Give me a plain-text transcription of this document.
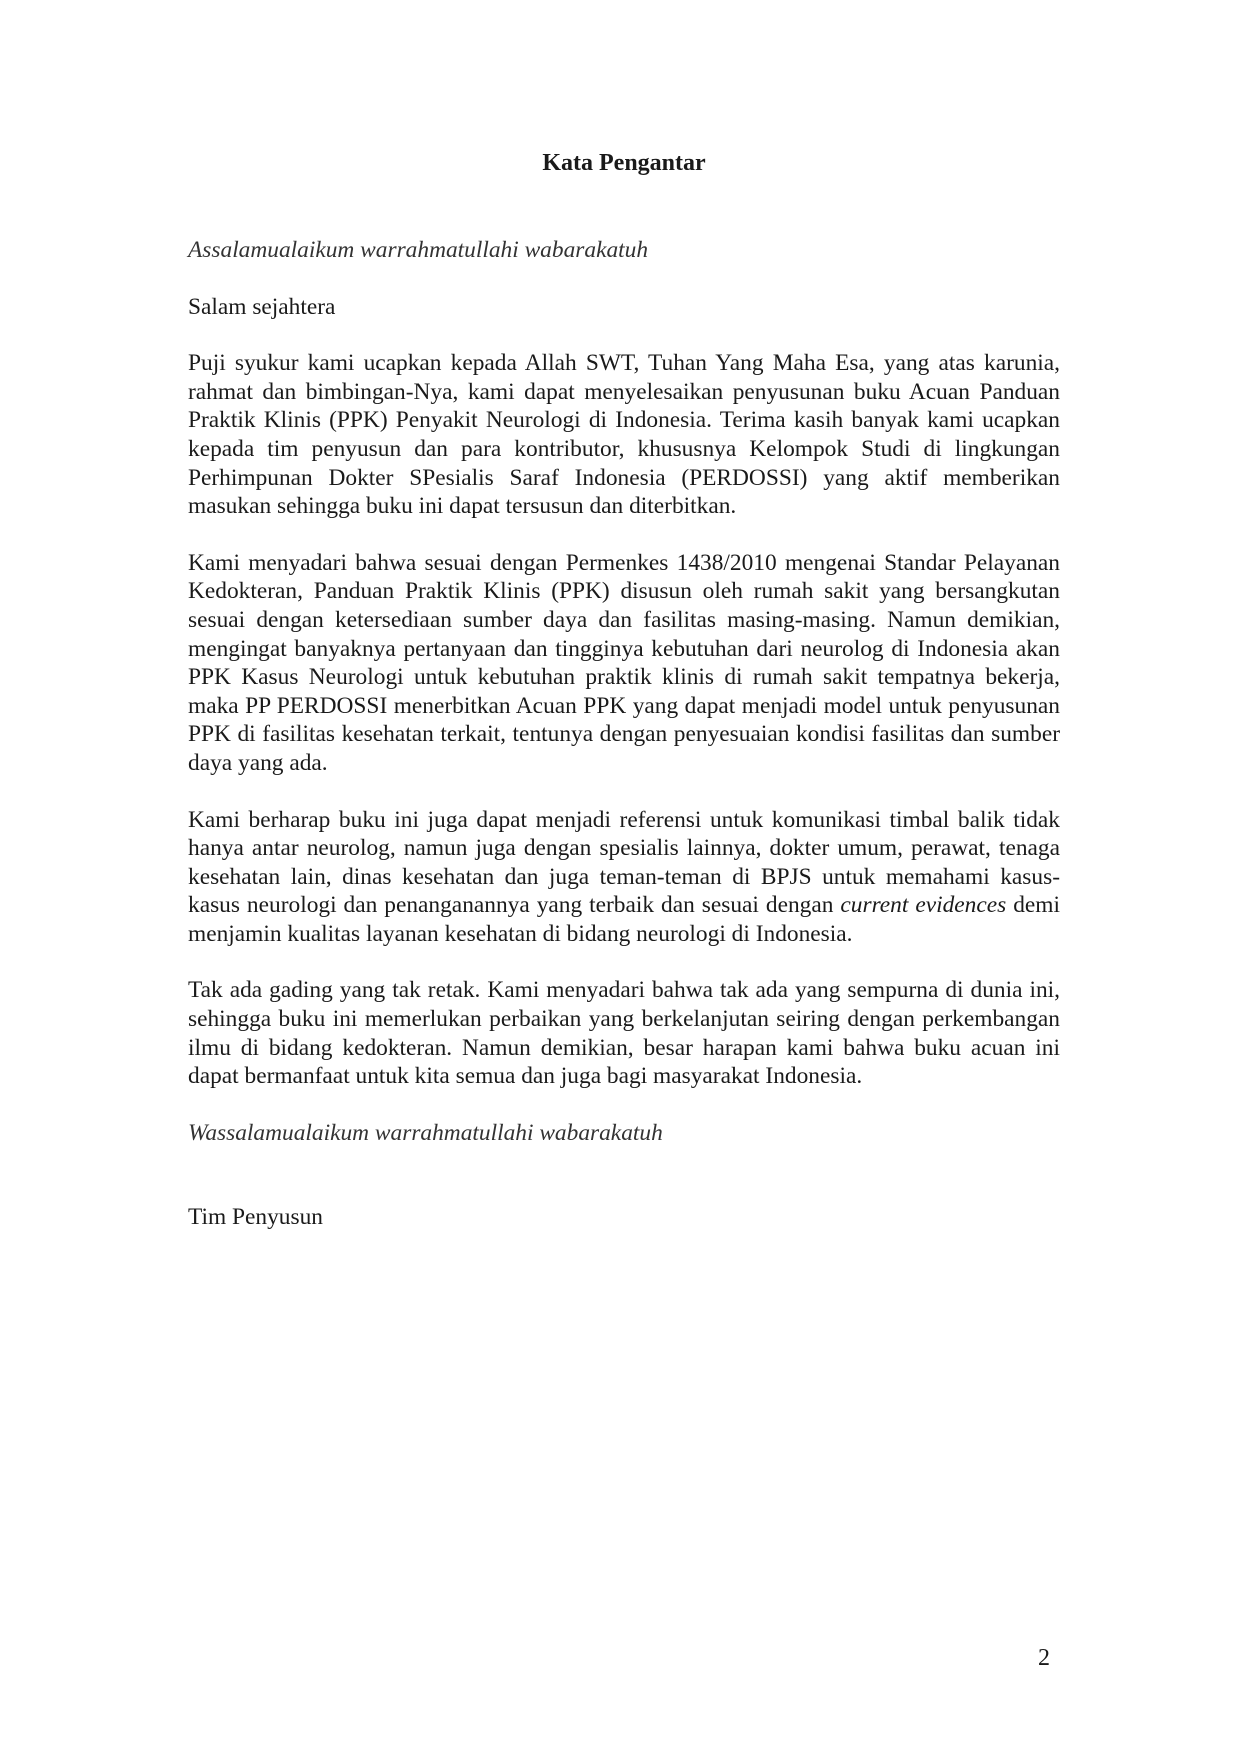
Kata Pengantar

Assalamualaikum warrahmatullahi wabarakatuh

Salam sejahtera

Puji syukur kami ucapkan kepada Allah SWT, Tuhan Yang Maha Esa, yang atas karunia, rahmat dan bimbingan-Nya, kami dapat menyelesaikan penyusunan buku Acuan Panduan Praktik Klinis (PPK) Penyakit Neurologi di Indonesia. Terima kasih banyak kami ucapkan kepada tim penyusun dan para kontributor, khususnya Kelompok Studi di lingkungan Perhimpunan Dokter SPesialis Saraf Indonesia (PERDOSSI) yang aktif memberikan masukan sehingga buku ini dapat tersusun dan diterbitkan.

Kami menyadari bahwa sesuai dengan Permenkes 1438/2010 mengenai Standar Pelayanan Kedokteran, Panduan Praktik Klinis (PPK) disusun oleh rumah sakit yang bersangkutan sesuai dengan ketersediaan sumber daya dan fasilitas masing-masing. Namun demikian, mengingat banyaknya pertanyaan dan tingginya kebutuhan dari neurolog di Indonesia akan PPK Kasus Neurologi untuk kebutuhan praktik klinis di rumah sakit tempatnya bekerja, maka PP PERDOSSI menerbitkan Acuan PPK yang dapat menjadi model untuk penyusunan PPK di fasilitas kesehatan terkait, tentunya dengan penyesuaian kondisi fasilitas dan sumber daya yang ada.

Kami berharap buku ini juga dapat menjadi referensi untuk komunikasi timbal balik tidak hanya antar neurolog, namun juga dengan spesialis lainnya, dokter umum, perawat, tenaga kesehatan lain, dinas kesehatan dan juga teman-teman di BPJS untuk memahami kasus-kasus neurologi dan penanganannya yang terbaik dan sesuai dengan current evidences demi menjamin kualitas layanan kesehatan di bidang neurologi di Indonesia.

Tak ada gading yang tak retak. Kami menyadari bahwa tak ada yang sempurna di dunia ini, sehingga buku ini memerlukan perbaikan yang berkelanjutan seiring dengan perkembangan ilmu di bidang kedokteran. Namun demikian, besar harapan kami bahwa buku acuan ini dapat bermanfaat untuk kita semua dan juga bagi masyarakat Indonesia.

Wassalamualaikum warrahmatullahi wabarakatuh

Tim Penyusun

2
